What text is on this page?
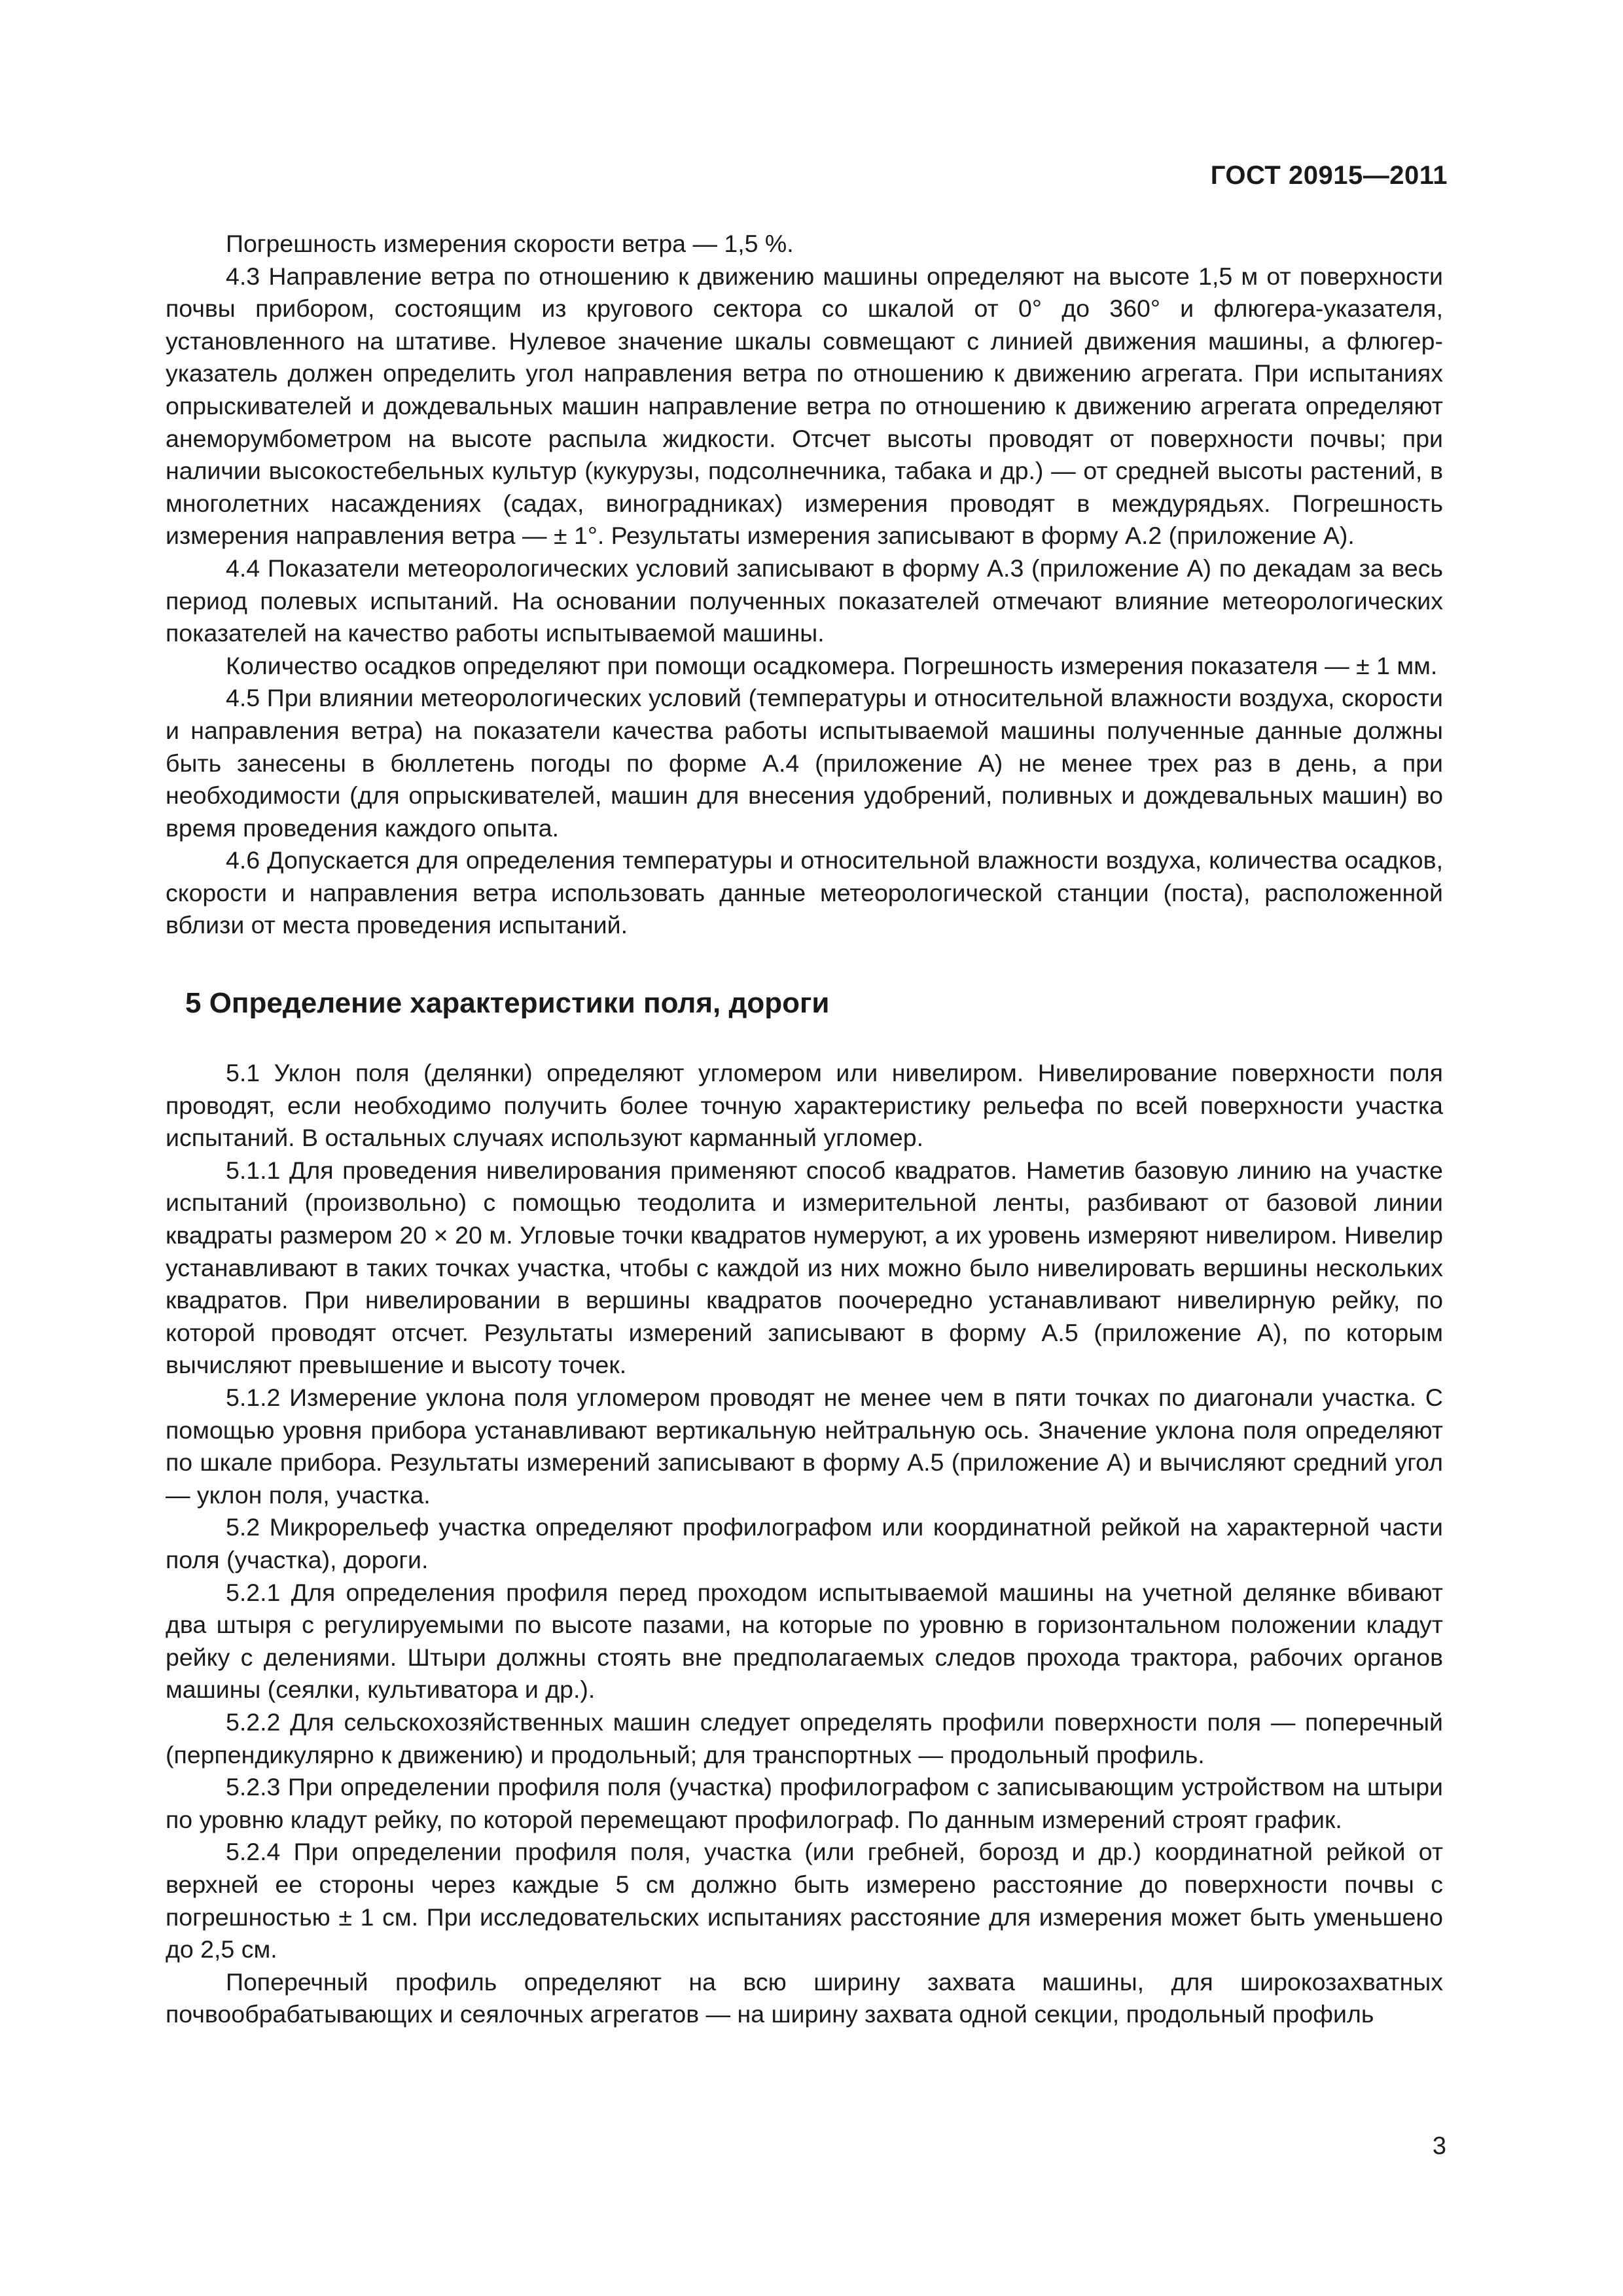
ГОСТ 20915—2011

Погрешность измерения скорости ветра — 1,5 %.

4.3 Направление ветра по отношению к движению машины определяют на высоте 1,5 м от поверхности почвы прибором, состоящим из кругового сектора со шкалой от 0° до 360° и флюгера-указателя, установленного на штативе. Нулевое значение шкалы совмещают с линией движения машины, а флюгер-указатель должен определить угол направления ветра по отношению к движению агрегата. При испытаниях опрыскивателей и дождевальных машин направление ветра по отношению к движению агрегата определяют анеморумбометром на высоте распыла жидкости. Отсчет высоты проводят от поверхности почвы; при наличии высокостебельных культур (кукурузы, подсолнечника, табака и др.) — от средней высоты растений, в многолетних насаждениях (садах, виноградниках) измерения проводят в междурядьях. Погрешность измерения направления ветра — ± 1°. Результаты измерения записывают в форму А.2 (приложение А).

4.4 Показатели метеорологических условий записывают в форму А.3 (приложение А) по декадам за весь период полевых испытаний. На основании полученных показателей отмечают влияние метеорологических показателей на качество работы испытываемой машины.

Количество осадков определяют при помощи осадкомера. Погрешность измерения показателя — ± 1 мм.

4.5 При влиянии метеорологических условий (температуры и относительной влажности воздуха, скорости и направления ветра) на показатели качества работы испытываемой машины полученные данные должны быть занесены в бюллетень погоды по форме А.4 (приложение А) не менее трех раз в день, а при необходимости (для опрыскивателей, машин для внесения удобрений, поливных и дождевальных машин) во время проведения каждого опыта.

4.6 Допускается для определения температуры и относительной влажности воздуха, количества осадков, скорости и направления ветра использовать данные метеорологической станции (поста), расположенной вблизи от места проведения испытаний.

5 Определение характеристики поля, дороги

5.1 Уклон поля (делянки) определяют угломером или нивелиром. Нивелирование поверхности поля проводят, если необходимо получить более точную характеристику рельефа по всей поверхности участка испытаний. В остальных случаях используют карманный угломер.

5.1.1 Для проведения нивелирования применяют способ квадратов. Наметив базовую линию на участке испытаний (произвольно) с помощью теодолита и измерительной ленты, разбивают от базовой линии квадраты размером 20 × 20 м. Угловые точки квадратов нумеруют, а их уровень измеряют нивелиром. Нивелир устанавливают в таких точках участка, чтобы с каждой из них можно было нивелировать вершины нескольких квадратов. При нивелировании в вершины квадратов поочередно устанавливают нивелирную рейку, по которой проводят отсчет. Результаты измерений записывают в форму А.5 (приложение А), по которым вычисляют превышение и высоту точек.

5.1.2 Измерение уклона поля угломером проводят не менее чем в пяти точках по диагонали участка. С помощью уровня прибора устанавливают вертикальную нейтральную ось. Значение уклона поля определяют по шкале прибора. Результаты измерений записывают в форму А.5 (приложение А) и вычисляют средний угол — уклон поля, участка.

5.2 Микрорельеф участка определяют профилографом или координатной рейкой на характерной части поля (участка), дороги.

5.2.1 Для определения профиля перед проходом испытываемой машины на учетной делянке вбивают два штыря с регулируемыми по высоте пазами, на которые по уровню в горизонтальном положении кладут рейку с делениями. Штыри должны стоять вне предполагаемых следов прохода трактора, рабочих органов машины (сеялки, культиватора и др.).

5.2.2 Для сельскохозяйственных машин следует определять профили поверхности поля — поперечный (перпендикулярно к движению) и продольный; для транспортных — продольный профиль.

5.2.3 При определении профиля поля (участка) профилографом с записывающим устройством на штыри по уровню кладут рейку, по которой перемещают профилограф. По данным измерений строят график.

5.2.4 При определении профиля поля, участка (или гребней, борозд и др.) координатной рейкой от верхней ее стороны через каждые 5 см должно быть измерено расстояние до поверхности почвы с погрешностью ± 1 см. При исследовательских испытаниях расстояние для измерения может быть уменьшено до 2,5 см.

Поперечный профиль определяют на всю ширину захвата машины, для широкозахватных почвообрабатывающих и сеялочных агрегатов — на ширину захвата одной секции, продольный профиль

3
